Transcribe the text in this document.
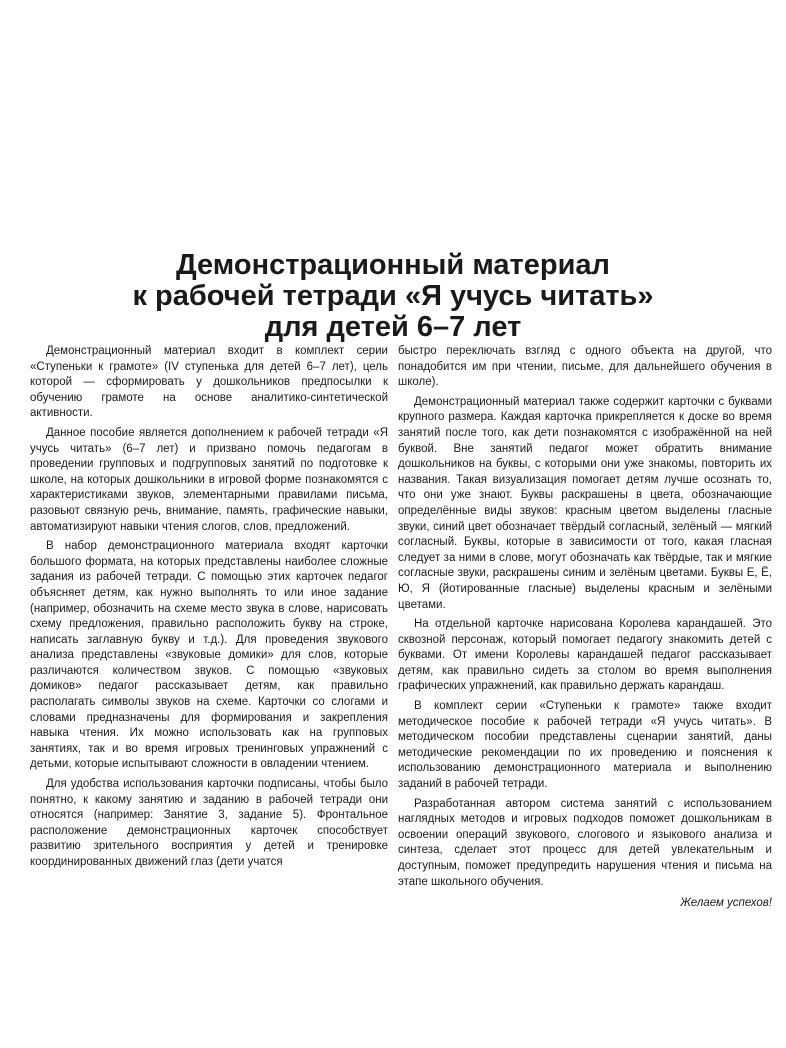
Демонстрационный материал
к рабочей тетради «Я учусь читать»
для детей 6–7 лет

Демонстрационный материал входит в комплект серии «Ступеньки к грамоте» (IV ступенька для детей 6–7 лет), цель которой — сформировать у дошкольников предпосылки к обучению грамоте на основе аналитико-синтетической активности.

Данное пособие является дополнением к рабочей тетради «Я учусь читать» (6–7 лет) и призвано помочь педагогам в проведении групповых и подгрупповых занятий по подготовке к школе, на которых дошкольники в игровой форме познакомятся с характеристиками звуков, элементарными правилами письма, разовьют связную речь, внимание, память, графические навыки, автоматизируют навыки чтения слогов, слов, предложений.

В набор демонстрационного материала входят карточки большого формата, на которых представлены наиболее сложные задания из рабочей тетради. С помощью этих карточек педагог объясняет детям, как нужно выполнять то или иное задание (например, обозначить на схеме место звука в слове, нарисовать схему предложения, правильно расположить букву на строке, написать заглавную букву и т.д.). Для проведения звукового анализа представлены «звуковые домики» для слов, которые различаются количеством звуков. С помощью «звуковых домиков» педагог рассказывает детям, как правильно располагать символы звуков на схеме. Карточки со слогами и словами предназначены для формирования и закрепления навыка чтения. Их можно использовать как на групповых занятиях, так и во время игровых тренинговых упражнений с детьми, которые испытывают сложности в овладении чтением.

Для удобства использования карточки подписаны, чтобы было понятно, к какому занятию и заданию в рабочей тетради они относятся (например: Занятие 3, задание 5). Фронтальное расположение демонстрационных карточек способствует развитию зрительного восприятия у детей и тренировке координированных движений глаз (дети учатся

быстро переключать взгляд с одного объекта на другой, что понадобится им при чтении, письме, для дальнейшего обучения в школе).

Демонстрационный материал также содержит карточки с буквами крупного размера. Каждая карточка прикрепляется к доске во время занятий после того, как дети познакомятся с изображённой на ней буквой. Вне занятий педагог может обратить внимание дошкольников на буквы, с которыми они уже знакомы, повторить их названия. Такая визуализация помогает детям лучше осознать то, что они уже знают. Буквы раскрашены в цвета, обозначающие определённые виды звуков: красным цветом выделены гласные звуки, синий цвет обозначает твёрдый согласный, зелёный — мягкий согласный. Буквы, которые в зависимости от того, какая гласная следует за ними в слове, могут обозначать как твёрдые, так и мягкие согласные звуки, раскрашены синим и зелёным цветами. Буквы Е, Ё, Ю, Я (йотированные гласные) выделены красным и зелёными цветами.

На отдельной карточке нарисована Королева карандашей. Это сквозной персонаж, который помогает педагогу знакомить детей с буквами. От имени Королевы карандашей педагог рассказывает детям, как правильно сидеть за столом во время выполнения графических упражнений, как правильно держать карандаш.

В комплект серии «Ступеньки к грамоте» также входит методическое пособие к рабочей тетради «Я учусь читать». В методическом пособии представлены сценарии занятий, даны методические рекомендации по их проведению и пояснения к использованию демонстрационного материала и выполнению заданий в рабочей тетради.

Разработанная автором система занятий с использованием наглядных методов и игровых подходов поможет дошкольникам в освоении операций звукового, слогового и языкового анализа и синтеза, сделает этот процесс для детей увлекательным и доступным, поможет предупредить нарушения чтения и письма на этапе школьного обучения.

Желаем успехов!
